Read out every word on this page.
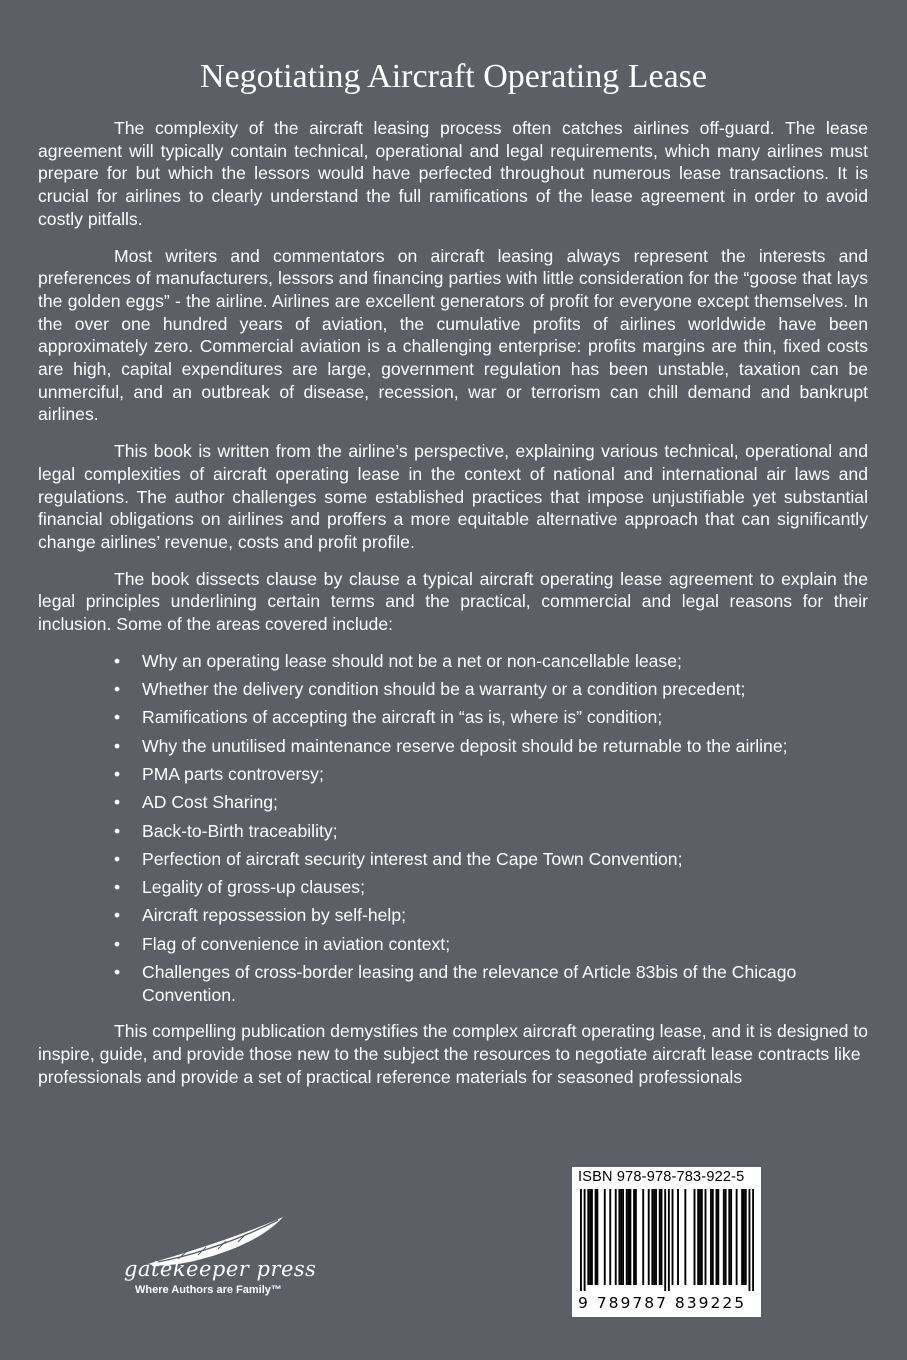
Negotiating Aircraft Operating Lease

The complexity of the aircraft leasing process often catches airlines off-guard. The lease agreement will typically contain technical, operational and legal requirements, which many airlines must prepare for but which the lessors would have perfected throughout numerous lease transactions. It is crucial for airlines to clearly understand the full ramifications of the lease agreement in order to avoid costly pitfalls.

Most writers and commentators on aircraft leasing always represent the interests and preferences of manufacturers, lessors and financing parties with little consideration for the “goose that lays the golden eggs” - the airline. Airlines are excellent generators of profit for everyone except themselves. In the over one hundred years of aviation, the cumulative profits of airlines worldwide have been approximately zero. Commercial aviation is a challenging enterprise: profits margins are thin, fixed costs are high, capital expenditures are large, government regulation has been unstable, taxation can be unmerciful, and an outbreak of disease, recession, war or terrorism can chill demand and bankrupt airlines.

This book is written from the airline’s perspective, explaining various technical, operational and legal complexities of aircraft operating lease in the context of national and international air laws and regulations. The author challenges some established practices that impose unjustifiable yet substantial financial obligations on airlines and proffers a more equitable alternative approach that can significantly change airlines’ revenue, costs and profit profile.

The book dissects clause by clause a typical aircraft operating lease agreement to explain the legal principles underlining certain terms and the practical, commercial and legal reasons for their inclusion. Some of the areas covered include:

• Why an operating lease should not be a net or non-cancellable lease;
• Whether the delivery condition should be a warranty or a condition precedent;
• Ramifications of accepting the aircraft in “as is, where is” condition;
• Why the unutilised maintenance reserve deposit should be returnable to the airline;
• PMA parts controversy;
• AD Cost Sharing;
• Back-to-Birth traceability;
• Perfection of aircraft security interest and the Cape Town Convention;
• Legality of gross-up clauses;
• Aircraft repossession by self-help;
• Flag of convenience in aviation context;
• Challenges of cross-border leasing and the relevance of Article 83bis of the Chicago Convention.

This compelling publication demystifies the complex aircraft operating lease, and it is designed to inspire, guide, and provide those new to the subject the resources to negotiate aircraft lease contracts like professionals and provide a set of practical reference materials for seasoned professionals

gatekeeper press
Where Authors are Family™
ISBN 978-978-783-922-5
9 789787 839225
